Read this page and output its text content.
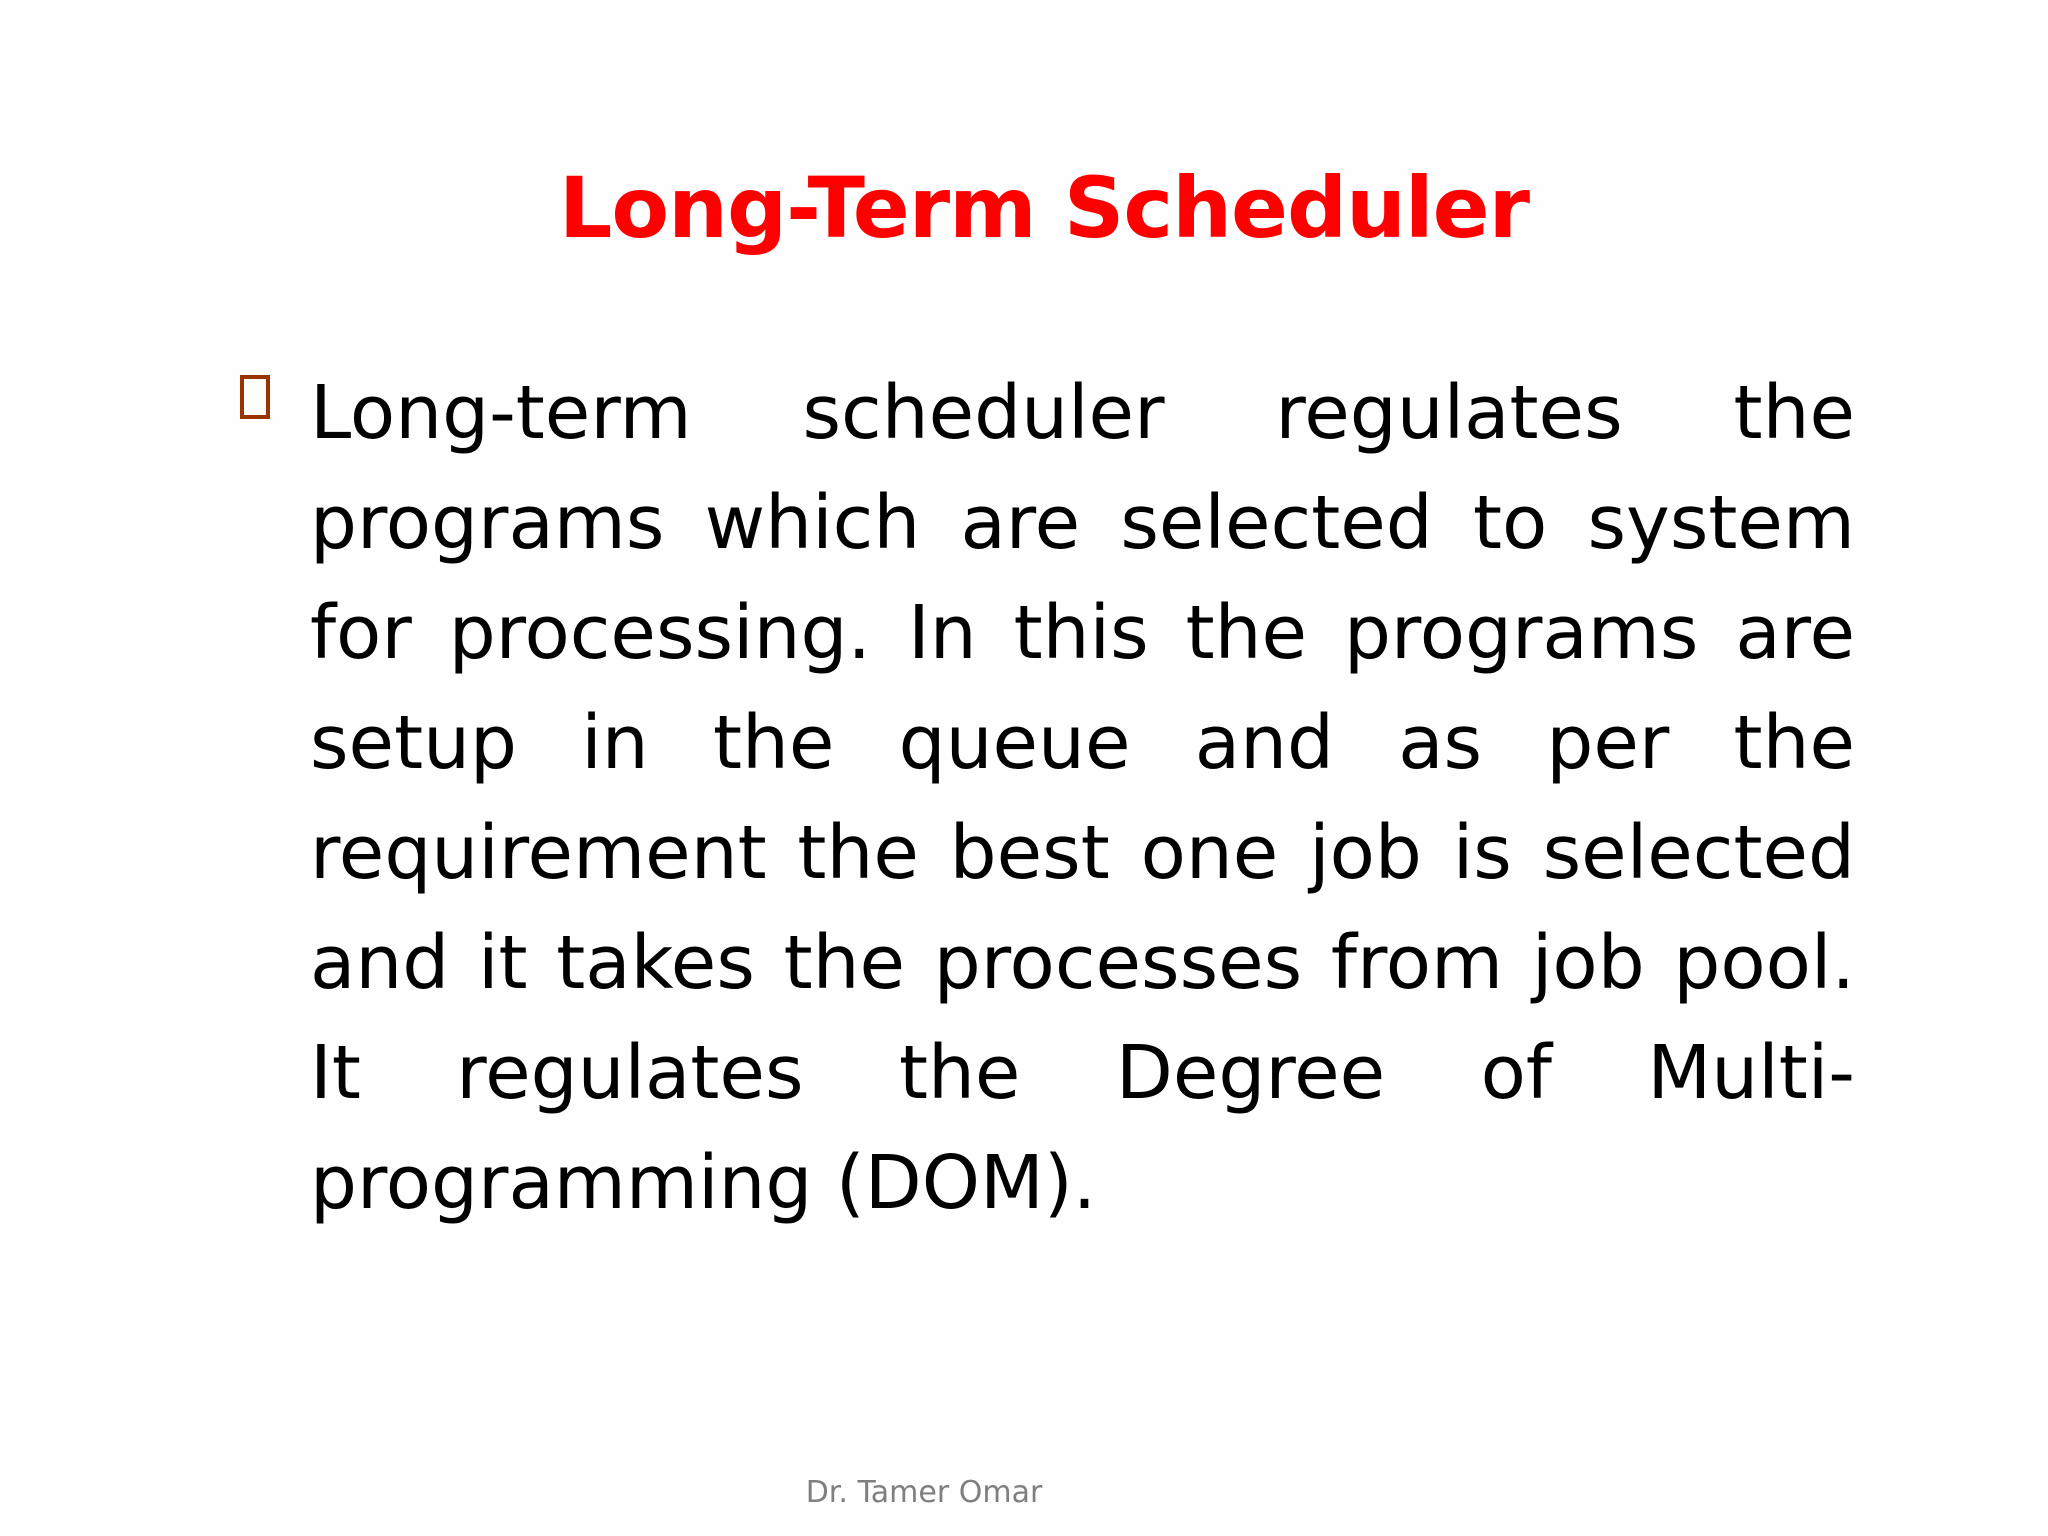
Long-Term Scheduler

Long-term scheduler regulates the programs which are selected to system for processing. In this the programs are setup in the queue and as per the requirement the best one job is selected and it takes the processes from job pool. It regulates the Degree of Multi-programming (DOM).

Dr. Tamer Omar
